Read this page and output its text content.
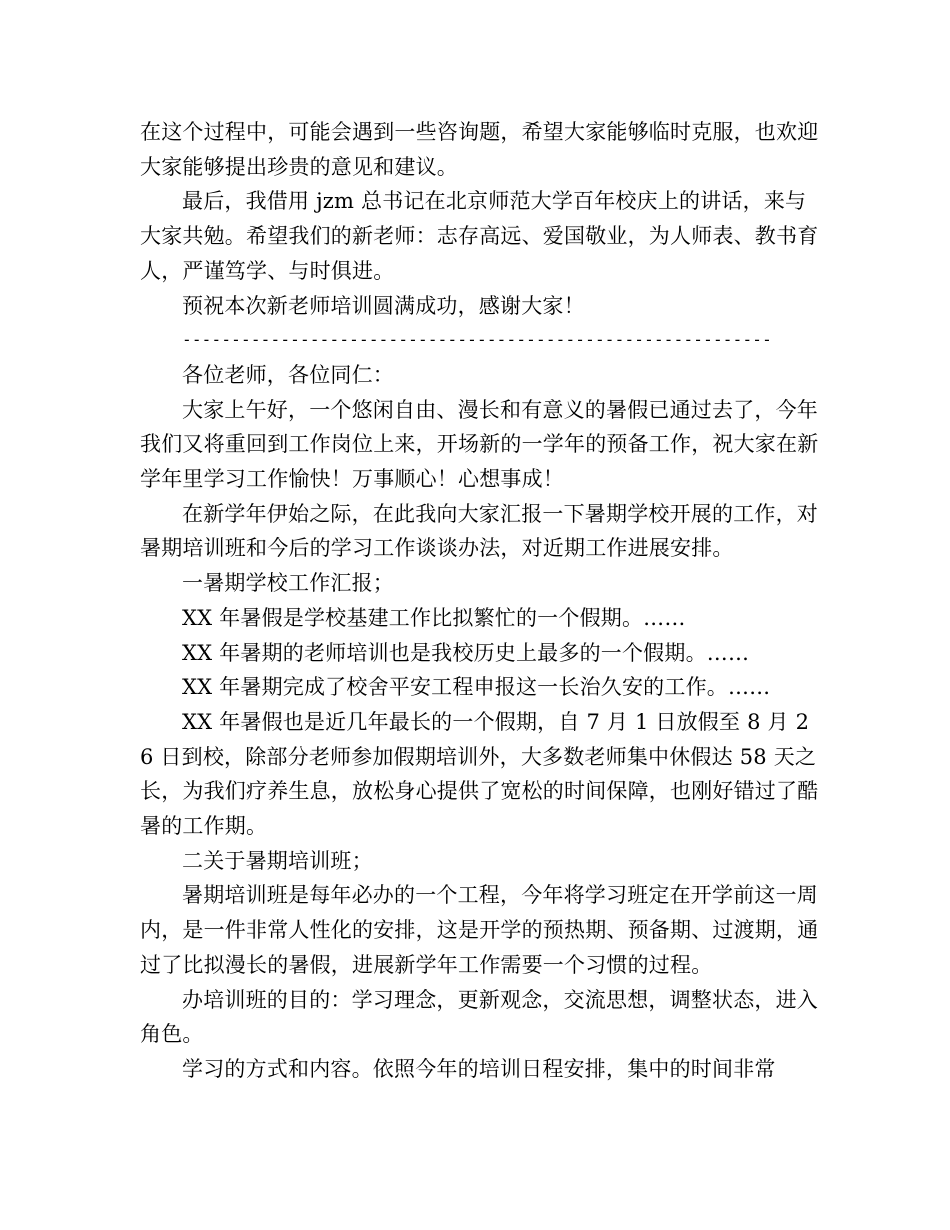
在这个过程中，可能会遇到一些咨询题，希望大家能够临时克服，也欢迎大家能够提出珍贵的意见和建议。

最后，我借用 jzm 总书记在北京师范大学百年校庆上的讲话，来与大家共勉。希望我们的新老师：志存高远、爱国敬业，为人师表、教书育人，严谨笃学、与时俱进。

预祝本次新老师培训圆满成功，感谢大家！

------------------------------------------------------------

各位老师，各位同仁：

大家上午好，一个悠闲自由、漫长和有意义的暑假已通过去了，今年我们又将重回到工作岗位上来，开场新的一学年的预备工作，祝大家在新学年里学习工作愉快！万事顺心！心想事成！

在新学年伊始之际，在此我向大家汇报一下暑期学校开展的工作，对暑期培训班和今后的学习工作谈谈办法，对近期工作进展安排。

一暑期学校工作汇报；

XX 年暑假是学校基建工作比拟繁忙的一个假期。……

XX 年暑期的老师培训也是我校历史上最多的一个假期。……

XX 年暑期完成了校舍平安工程申报这一长治久安的工作。……

XX 年暑假也是近几年最长的一个假期，自 7 月 1 日放假至 8 月 26 日到校，除部分老师参加假期培训外，大多数老师集中休假达 58 天之长，为我们疗养生息，放松身心提供了宽松的时间保障，也刚好错过了酷暑的工作期。

二关于暑期培训班；

暑期培训班是每年必办的一个工程，今年将学习班定在开学前这一周内，是一件非常人性化的安排，这是开学的预热期、预备期、过渡期，通过了比拟漫长的暑假，进展新学年工作需要一个习惯的过程。

办培训班的目的：学习理念，更新观念，交流思想，调整状态，进入角色。

学习的方式和内容。依照今年的培训日程安排，集中的时间非常
